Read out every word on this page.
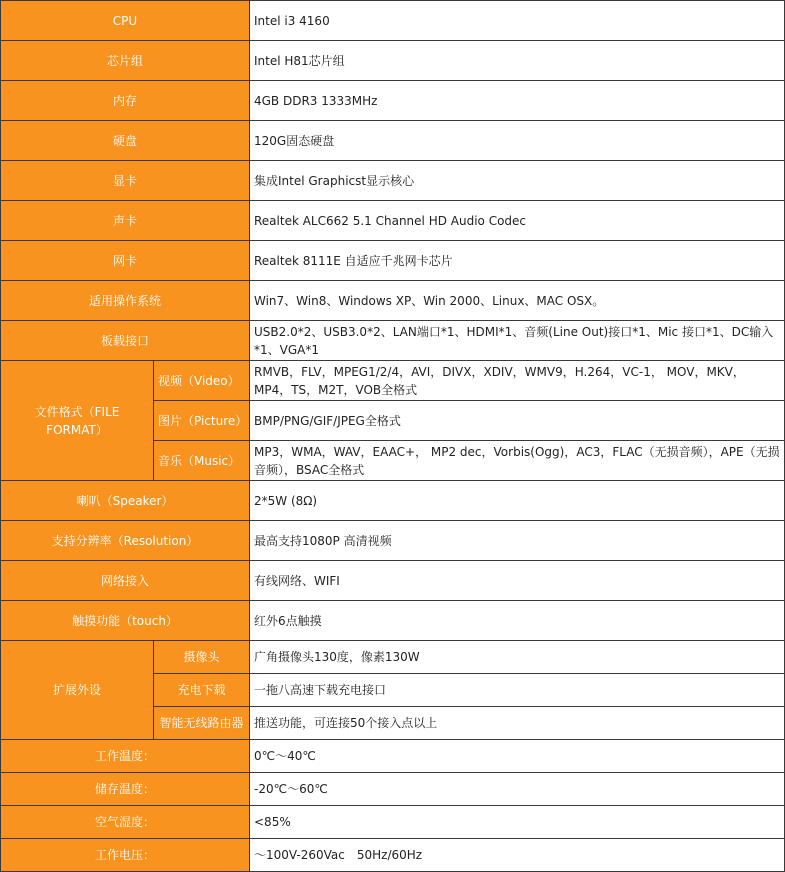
CPU		Intel i3 4160
芯片组		Intel H81芯片组
内存		4GB DDR3 1333MHz
硬盘		120G固态硬盘
显卡		集成Intel Graphicst显示核心
声卡		Realtek ALC662 5.1 Channel HD Audio Codec
网卡		Realtek 8111E 自适应千兆网卡芯片
适用操作系统		Win7、Win8、Windows XP、Win 2000、Linux、MAC OSX。
板载接口		USB2.0*2、USB3.0*2、LAN端口*1、HDMI*1、音频(Line Out)接口*1、Mic 接口*1、DC输入*1、VGA*1
文件格式（FILE FORMAT）	视频（Video）	RMVB，FLV，MPEG1/2/4，AVI，DIVX，XDIV，WMV9，H.264，VC-1， MOV，MKV，MP4，TS，M2T，VOB全格式
	图片（Picture）	BMP/PNG/GIF/JPEG全格式
	音乐（Music）	MP3，WMA，WAV，EAAC+， MP2 dec，Vorbis(Ogg)，AC3，FLAC（无损音频），APE（无损音频），BSAC全格式
喇叭（Speaker）		2*5W (8Ω)
支持分辨率（Resolution）		最高支持1080P 高清视频
网络接入		有线网络、WIFI
触摸功能（touch）		红外6点触摸
扩展外设	摄像头	广角摄像头130度，像素130W
	充电下载	一拖八高速下载充电接口
	智能无线路由器	推送功能，可连接50个接入点以上
工作温度：		0℃～40℃
储存温度：		-20℃～60℃
空气湿度：		<85%
工作电压：		～100V-260Vac　50Hz/60Hz
